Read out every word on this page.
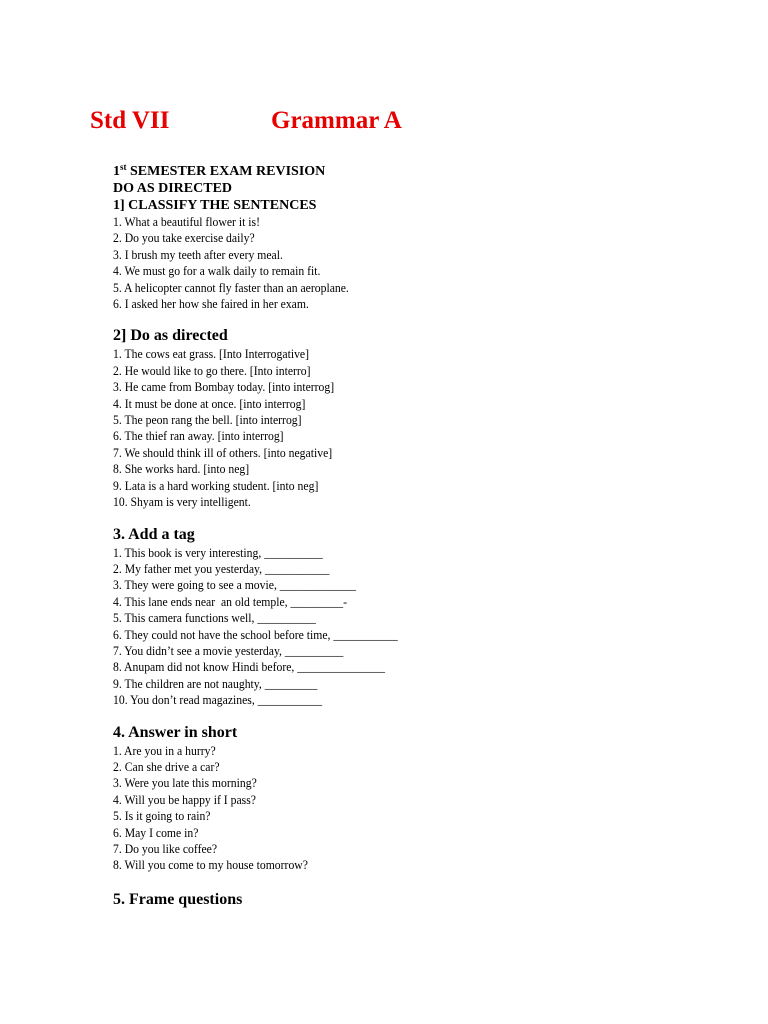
Std VII	Grammar A
1st SEMESTER EXAM REVISION
DO AS DIRECTED
1] CLASSIFY THE SENTENCES
1. What a beautiful flower it is!
2. Do you take exercise daily?
3. I brush my teeth after every meal.
4. We must go for a walk daily to remain fit.
5. A helicopter cannot fly faster than an aeroplane.
6. I asked her how she faired in her exam.
2] Do as directed
1. The cows eat grass. [Into Interrogative]
2. He would like to go there. [Into interro]
3. He came from Bombay today. [into interrog]
4. It must be done at once. [into interrog]
5. The peon rang the bell. [into interrog]
6. The thief ran away. [into interrog]
7. We should think ill of others. [into negative]
8. She works hard. [into neg]
9. Lata is a hard working student. [into neg]
10. Shyam is very intelligent.
3. Add a tag
1. This book is very interesting, __________
2. My father met you yesterday, ___________
3. They were going to see a movie, _____________
4. This lane ends near  an old temple, _________-
5. This camera functions well, __________
6. They could not have the school before time, ___________
7. You didn’t see a movie yesterday, __________
8. Anupam did not know Hindi before, _______________
9. The children are not naughty, _________
10. You don’t read magazines, ___________
4. Answer in short
1. Are you in a hurry?
2. Can she drive a car?
3. Were you late this morning?
4. Will you be happy if I pass?
5. Is it going to rain?
6. May I come in?
7. Do you like coffee?
8. Will you come to my house tomorrow?
5. Frame questions
